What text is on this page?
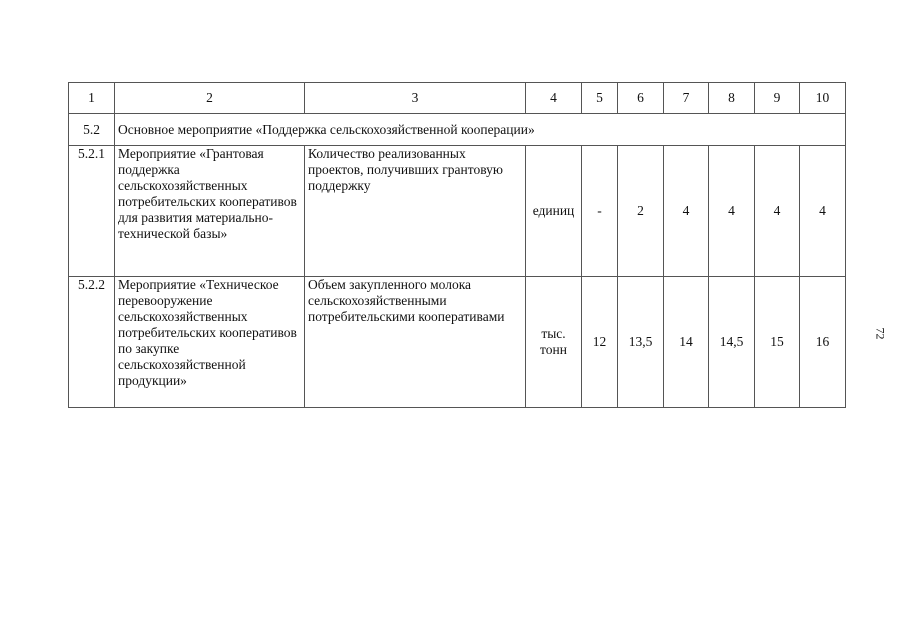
1	2	3	4	5	6	7	8	9	10
5.2	Основное мероприятие «Поддержка сельскохозяйственной кооперации»								
5.2.1	Мероприятие «Грантовая поддержка сельскохозяйственных потребительских кооперативов для развития материально-технической базы»	Количество реализованных проектов, получивших грантовую поддержку	единиц	-	2	4	4	4	4
5.2.2	Мероприятие «Техническое перевооружение сельскохозяйственных потребительских кооперативов по закупке сельскохозяйственной продукции»	Объем закупленного молока сельскохозяйственными потребительскими кооперативами	тыс. тонн	12	13,5	14	14,5	15	16
72
